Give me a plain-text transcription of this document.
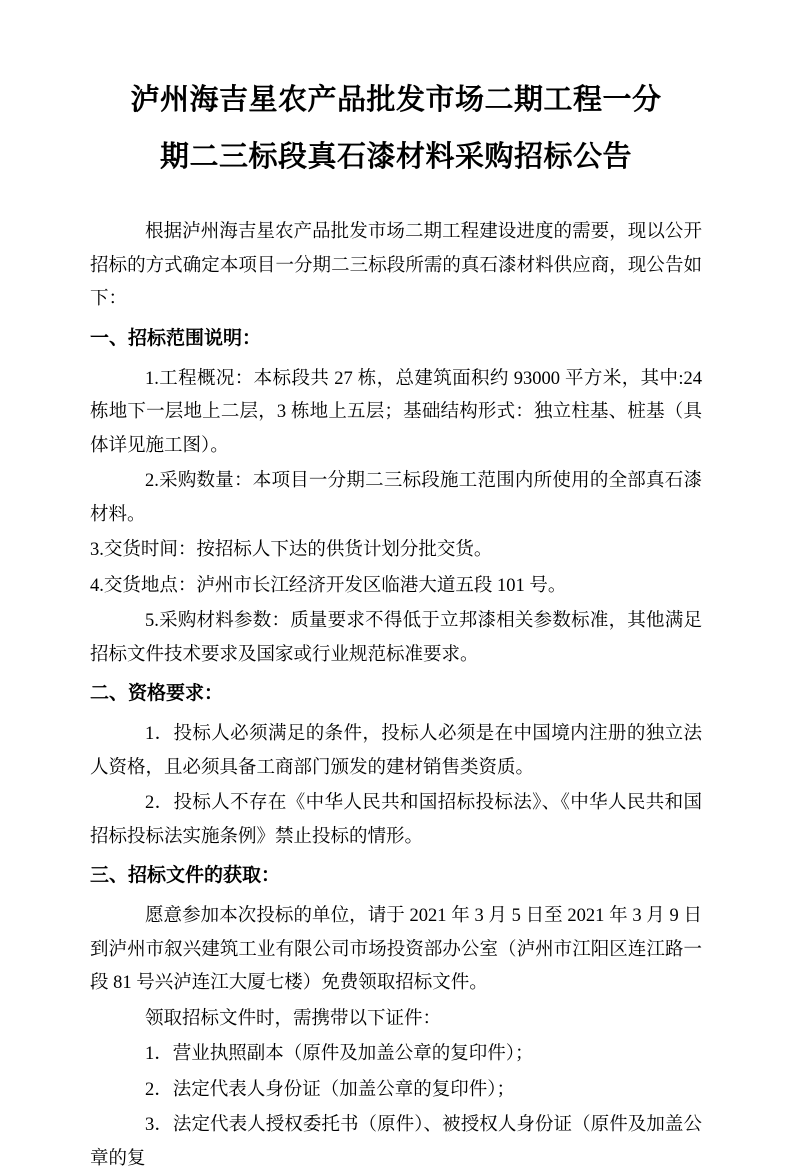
泸州海吉星农产品批发市场二期工程一分期二三标段真石漆材料采购招标公告

根据泸州海吉星农产品批发市场二期工程建设进度的需要，现以公开招标的方式确定本项目一分期二三标段所需的真石漆材料供应商，现公告如下：

一、招标范围说明：

1.工程概况：本标段共 27 栋，总建筑面积约 93000 平方米，其中:24 栋地下一层地上二层，3 栋地上五层；基础结构形式：独立柱基、桩基（具体详见施工图）。

2.采购数量：本项目一分期二三标段施工范围内所使用的全部真石漆材料。

3.交货时间：按招标人下达的供货计划分批交货。

4.交货地点：泸州市长江经济开发区临港大道五段 101 号。

5.采购材料参数：质量要求不得低于立邦漆相关参数标准，其他满足招标文件技术要求及国家或行业规范标准要求。

二、资格要求：

1．投标人必须满足的条件，投标人必须是在中国境内注册的独立法人资格，且必须具备工商部门颁发的建材销售类资质。

2．投标人不存在《中华人民共和国招标投标法》、《中华人民共和国招标投标法实施条例》禁止投标的情形。

三、招标文件的获取：

愿意参加本次投标的单位，请于 2021 年 3 月 5 日至 2021 年 3 月 9 日到泸州市叙兴建筑工业有限公司市场投资部办公室（泸州市江阳区连江路一段 81 号兴泸连江大厦七楼）免费领取招标文件。

领取招标文件时，需携带以下证件：

1．营业执照副本（原件及加盖公章的复印件）；

2．法定代表人身份证（加盖公章的复印件）；

3．法定代表人授权委托书（原件）、被授权人身份证（原件及加盖公章的复
